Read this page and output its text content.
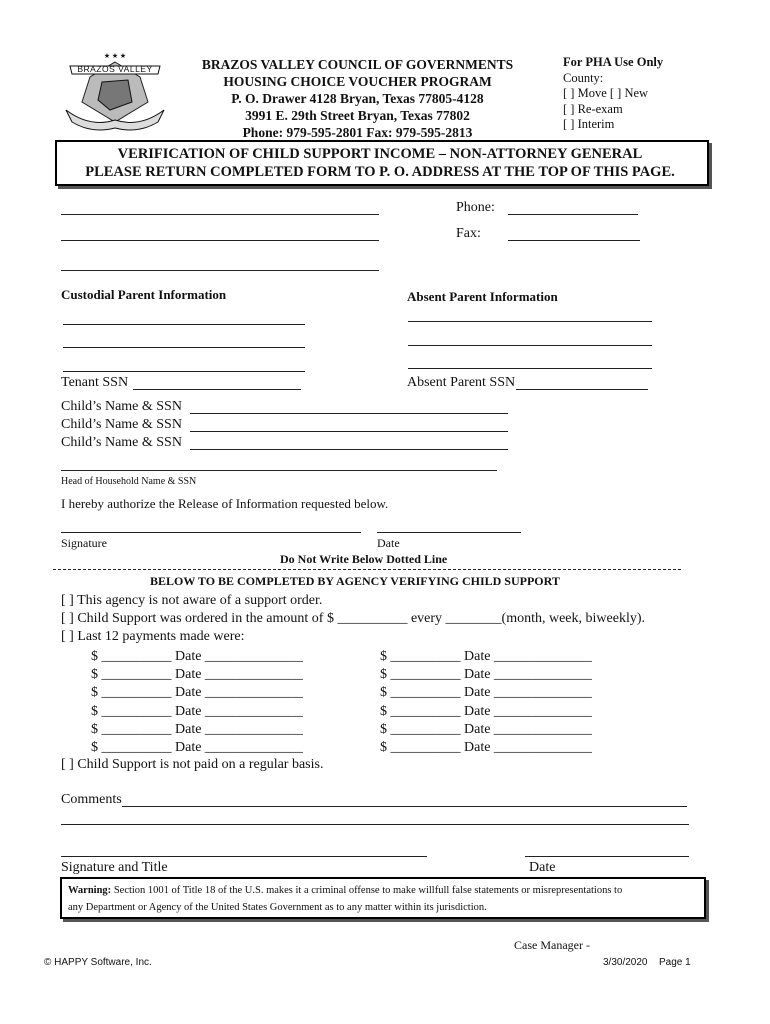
★ ★ ★
BRAZOS VALLEY	BRAZOS VALLEY COUNCIL OF GOVERNMENTS
HOUSING CHOICE VOUCHER PROGRAM
P. O. Drawer 4128 Bryan, Texas 77805-4128
3991 E. 29th Street Bryan, Texas 77802
Phone: 979-595-2801 Fax: 979-595-2813
For PHA Use Only
County:
[ ] Move [ ] New
[ ] Re-exam
[ ] Interim
VERIFICATION OF CHILD SUPPORT INCOME – NON-ATTORNEY GENERAL
PLEASE RETURN COMPLETED FORM TO P. O. ADDRESS AT THE TOP OF THIS PAGE.
Phone:
Fax:
Custodial Parent Information	Absent Parent Information
Tenant SSN	Absent Parent SSN
Child’s Name & SSN
Child’s Name & SSN
Child’s Name & SSN
Head of Household Name & SSN
I hereby authorize the Release of Information requested below.
Signature	Date
Do Not Write Below Dotted Line
BELOW TO BE COMPLETED BY AGENCY VERIFYING CHILD SUPPORT
[ ] This agency is not aware of a support order.
[ ] Child Support was ordered in the amount of $ __________ every ________(month, week, biweekly).
[ ] Last 12 payments made were:
$ __________ Date ______________
$ __________ Date ______________
$ __________ Date ______________
$ __________ Date ______________
$ __________ Date ______________
$ __________ Date ______________
$ __________ Date ______________
$ __________ Date ______________
$ __________ Date ______________
$ __________ Date ______________
$ __________ Date ______________
$ __________ Date ______________
[ ] Child Support is not paid on a regular basis.
Comments
Signature and Title	Date
Warning: Section 1001 of Title 18 of the U.S. makes it a criminal offense to make willfull false statements or misrepresentations to
any Department or Agency of the United States Government as to any matter within its jurisdiction.
Case Manager -
© HAPPY Software, Inc.	3/30/2020 Page 1
